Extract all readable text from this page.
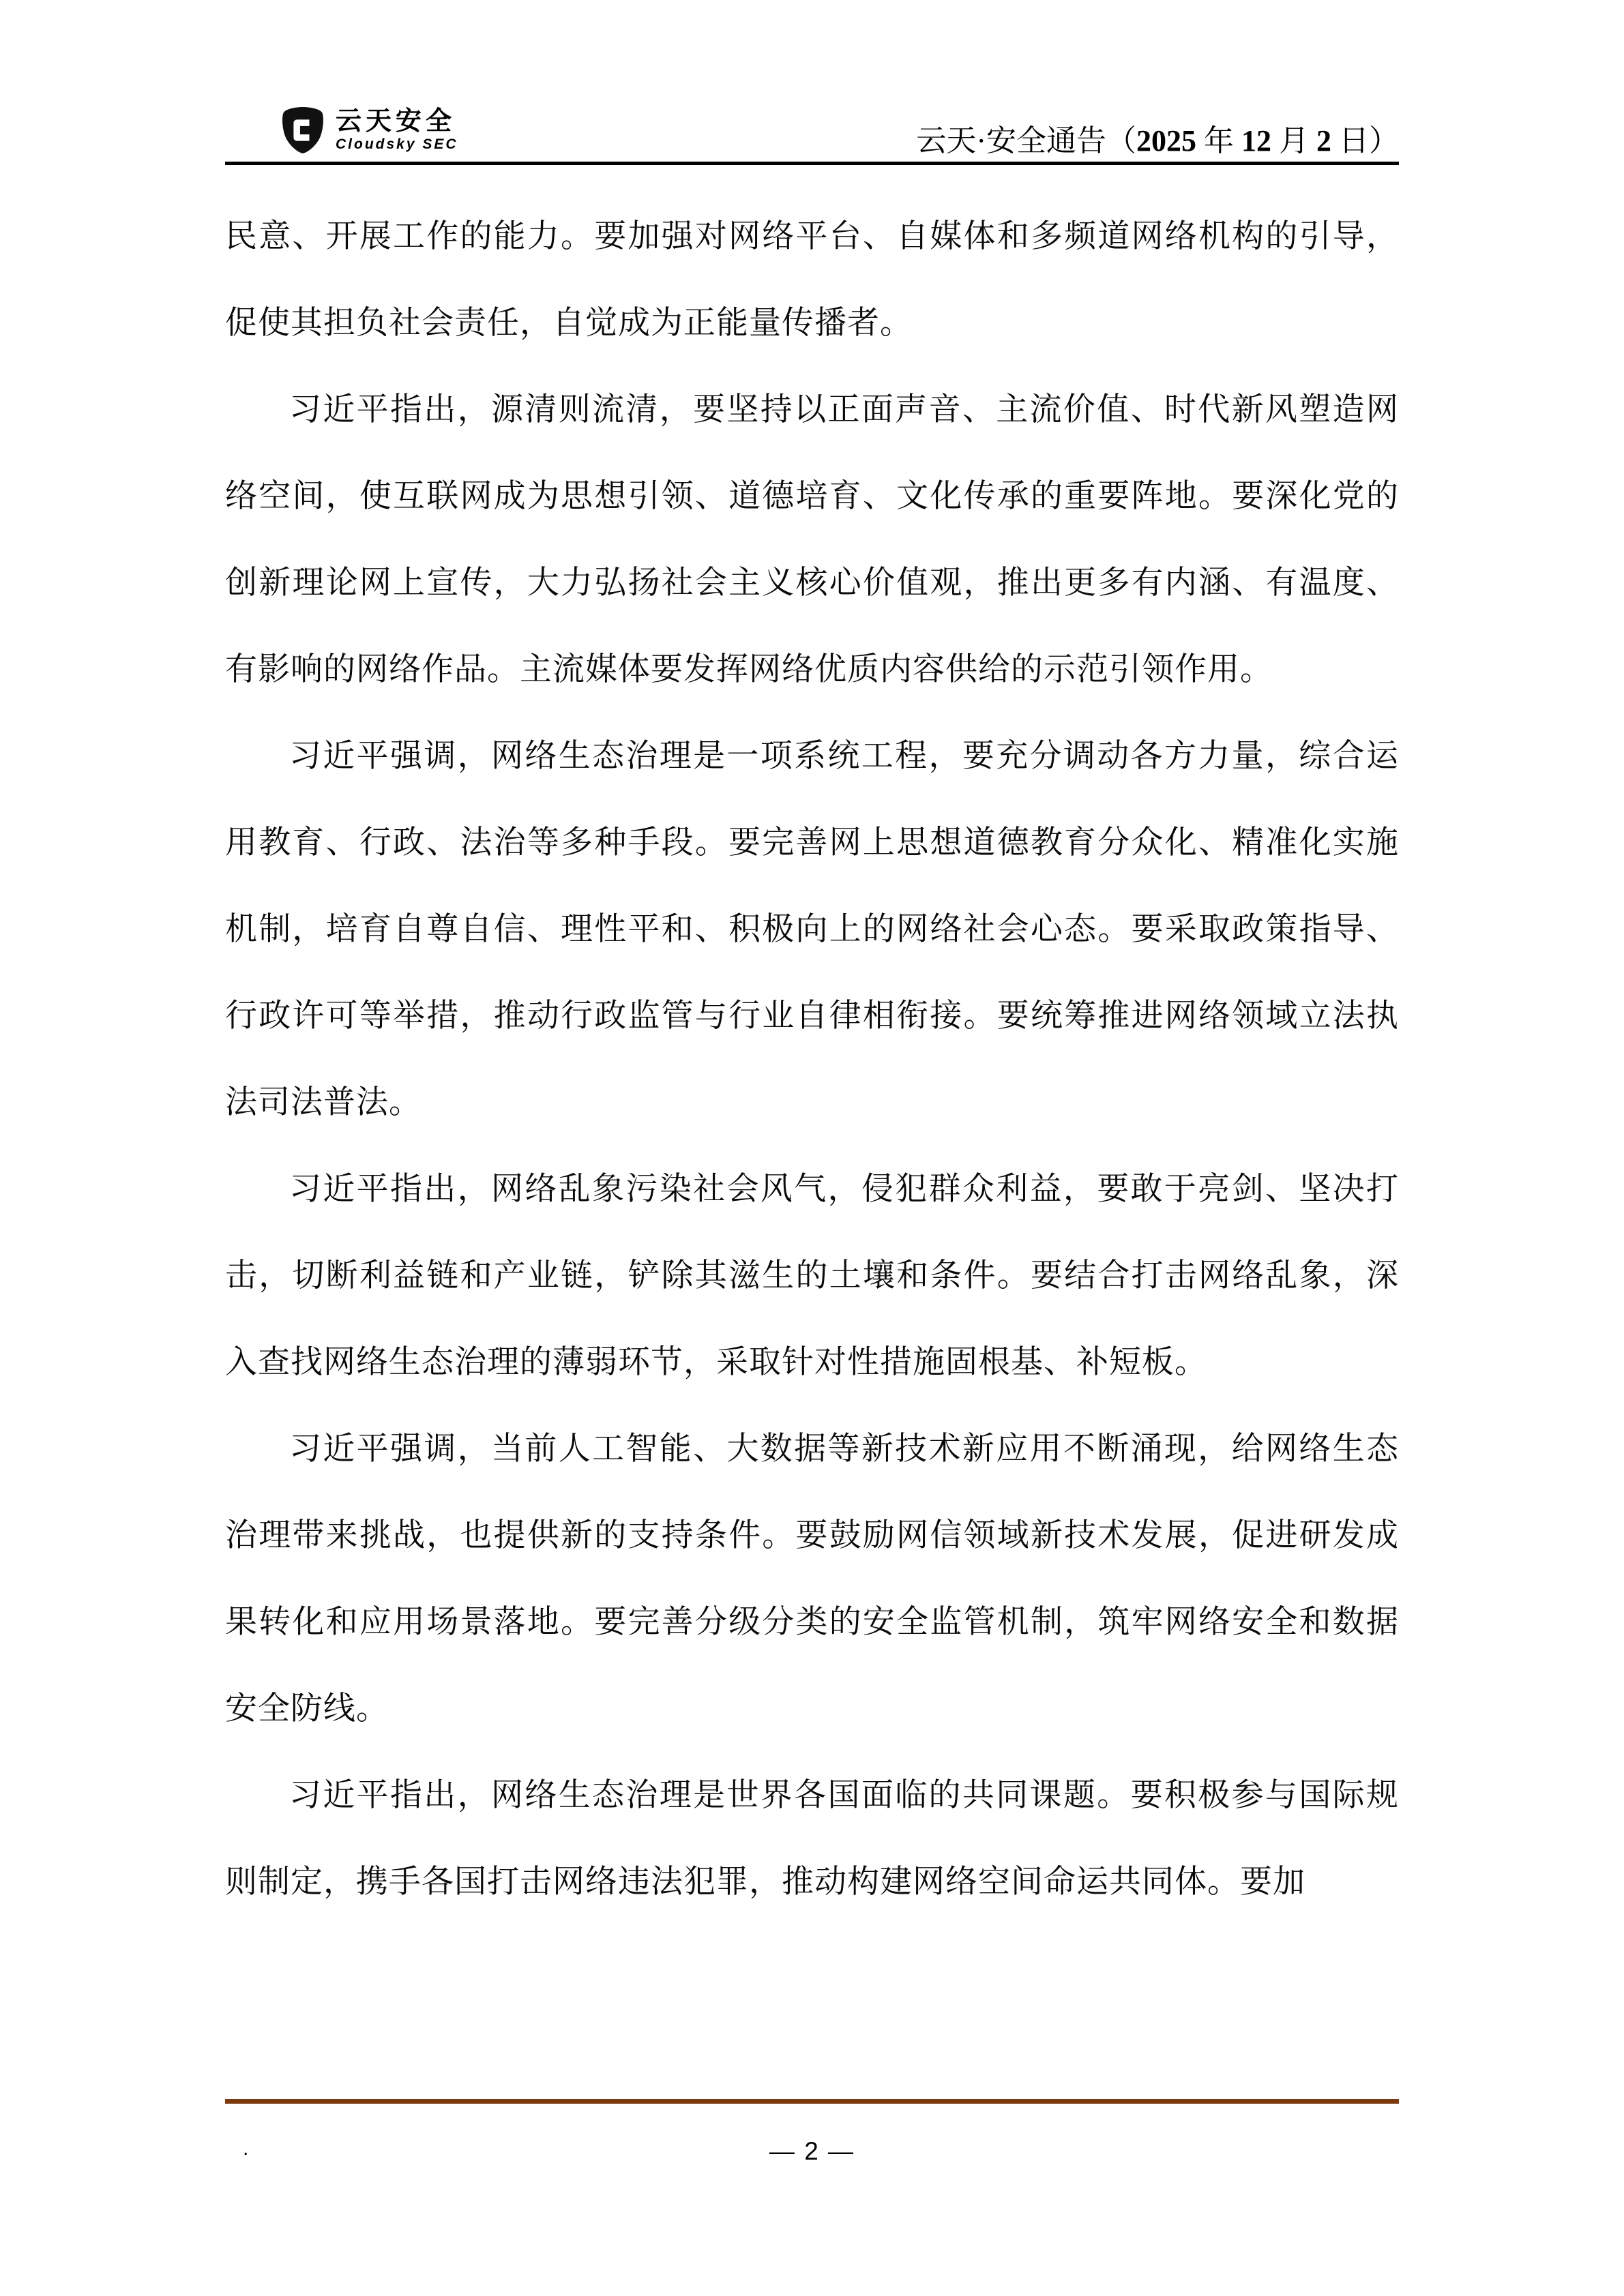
云天安全
Cloudsky SEC	云天·安全通告（2025 年 12 月 2 日）

民意、开展工作的能力。要加强对网络平台、自媒体和多频道网络机构的引导，促使其担负社会责任，自觉成为正能量传播者。

习近平指出，源清则流清，要坚持以正面声音、主流价值、时代新风塑造网络空间，使互联网成为思想引领、道德培育、文化传承的重要阵地。要深化党的创新理论网上宣传，大力弘扬社会主义核心价值观，推出更多有内涵、有温度、有影响的网络作品。主流媒体要发挥网络优质内容供给的示范引领作用。

习近平强调，网络生态治理是一项系统工程，要充分调动各方力量，综合运用教育、行政、法治等多种手段。要完善网上思想道德教育分众化、精准化实施机制，培育自尊自信、理性平和、积极向上的网络社会心态。要采取政策指导、行政许可等举措，推动行政监管与行业自律相衔接。要统筹推进网络领域立法执法司法普法。

习近平指出，网络乱象污染社会风气，侵犯群众利益，要敢于亮剑、坚决打击，切断利益链和产业链，铲除其滋生的土壤和条件。要结合打击网络乱象，深入查找网络生态治理的薄弱环节，采取针对性措施固根基、补短板。

习近平强调，当前人工智能、大数据等新技术新应用不断涌现，给网络生态治理带来挑战，也提供新的支持条件。要鼓励网信领域新技术发展，促进研发成果转化和应用场景落地。要完善分级分类的安全监管机制，筑牢网络安全和数据安全防线。

习近平指出，网络生态治理是世界各国面临的共同课题。要积极参与国际规则制定，携手各国打击网络违法犯罪，推动构建网络空间命运共同体。要加

.	— 2 —
